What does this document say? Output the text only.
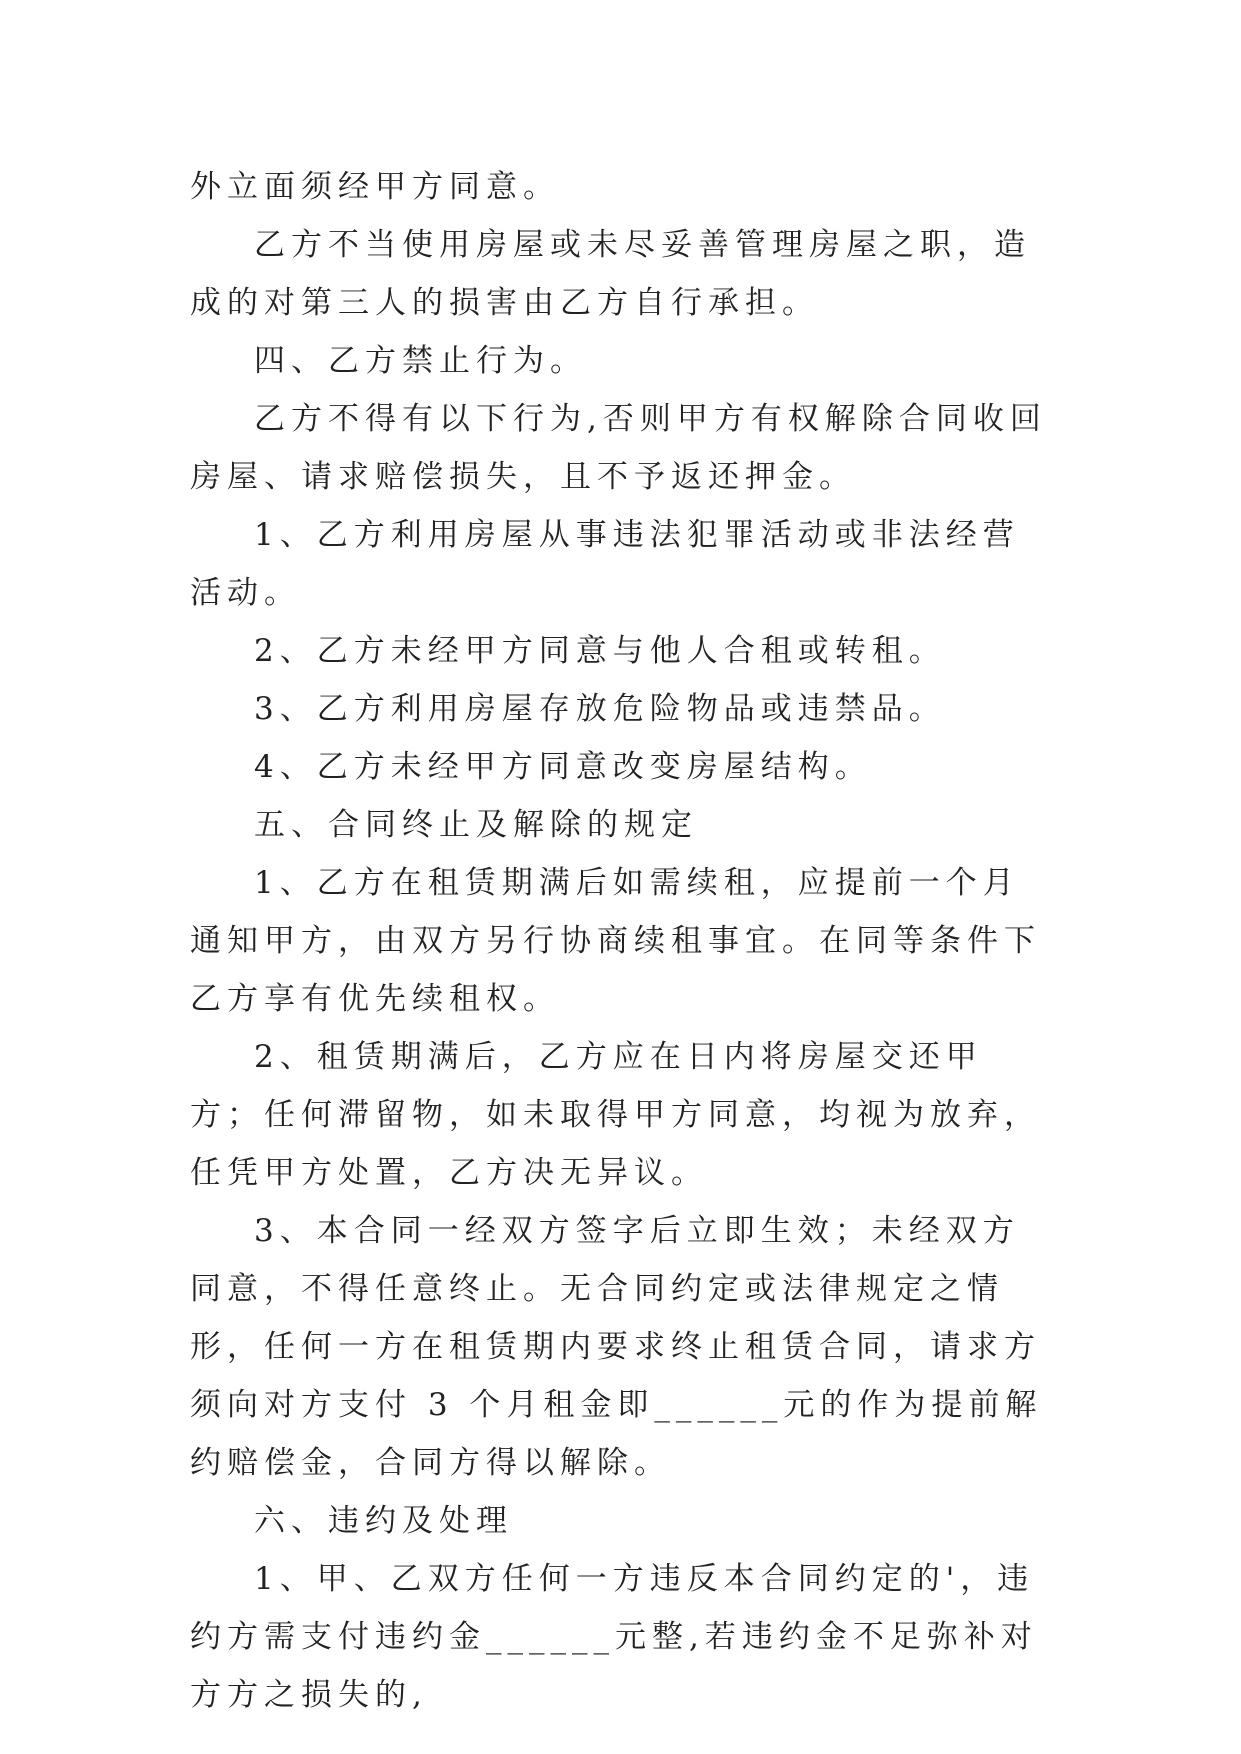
外立面须经甲方同意。

乙方不当使用房屋或未尽妥善管理房屋之职，造成的对第三人的损害由乙方自行承担。

四、乙方禁止行为。

乙方不得有以下行为,否则甲方有权解除合同收回房屋、请求赔偿损失，且不予返还押金。

1、乙方利用房屋从事违法犯罪活动或非法经营活动。

2、乙方未经甲方同意与他人合租或转租。

3、乙方利用房屋存放危险物品或违禁品。

4、乙方未经甲方同意改变房屋结构。

五、合同终止及解除的规定

1、乙方在租赁期满后如需续租，应提前一个月通知甲方，由双方另行协商续租事宜。在同等条件下乙方享有优先续租权。

2、租赁期满后，乙方应在日内将房屋交还甲方；任何滞留物，如未取得甲方同意，均视为放弃，任凭甲方处置，乙方决无异议。

3、本合同一经双方签字后立即生效；未经双方同意，不得任意终止。无合同约定或法律规定之情形，任何一方在租赁期内要求终止租赁合同，请求方须向对方支付 3 个月租金即______元的作为提前解约赔偿金，合同方得以解除。

六、违约及处理

1、甲、乙双方任何一方违反本合同约定的'，违约方需支付违约金______元整,若违约金不足弥补对方方之损失的,
